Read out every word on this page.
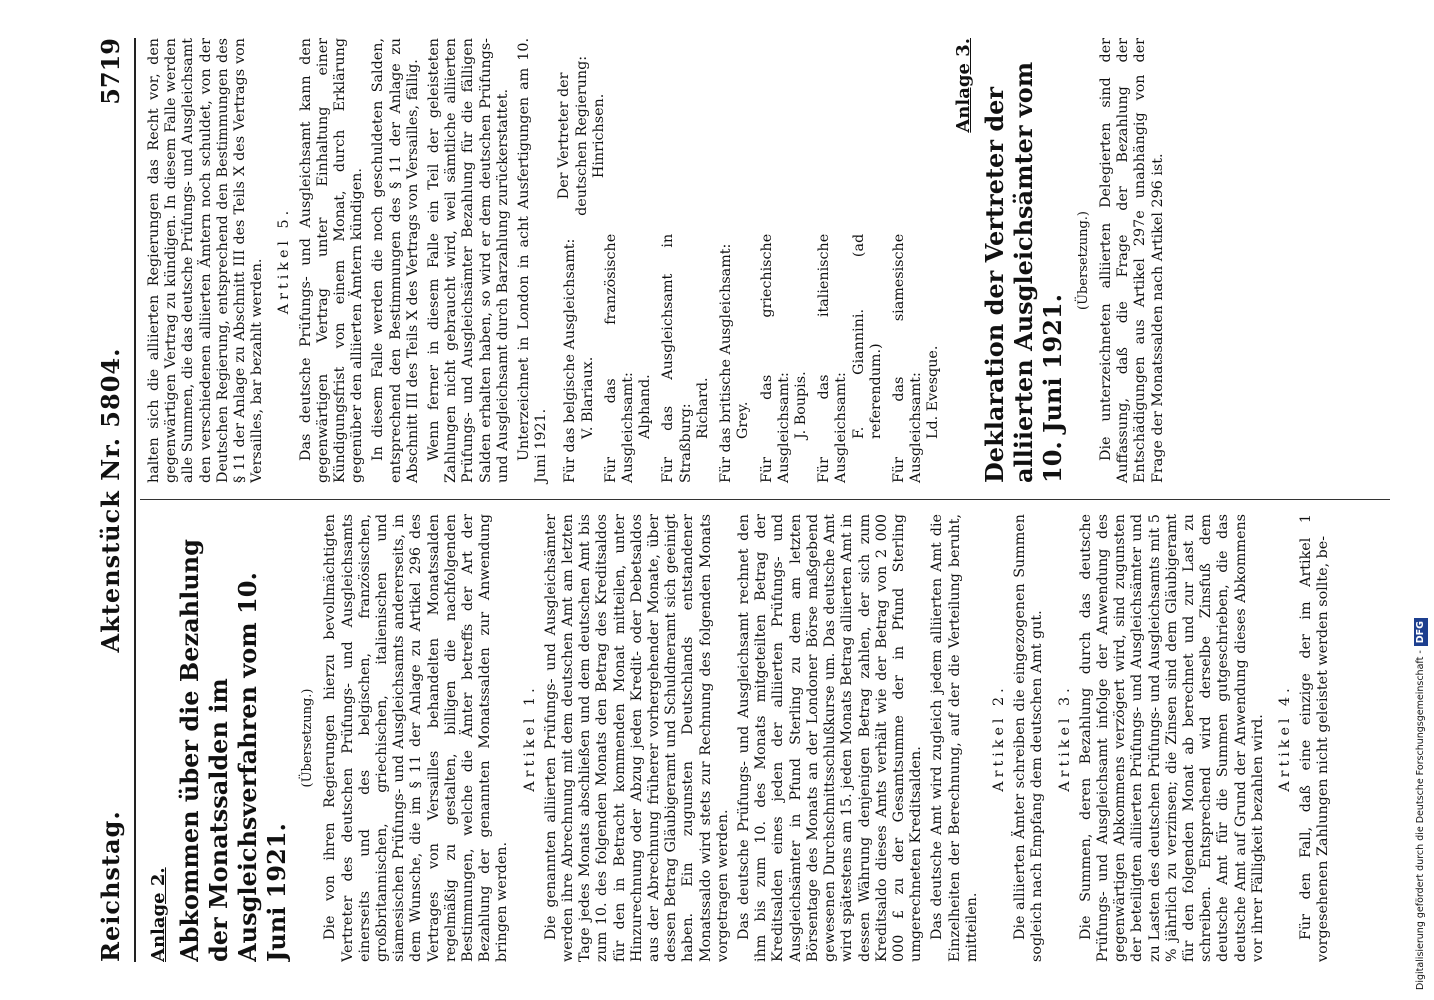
Reichstag.
Aktenstück Nr. 5804.
5719
Anlage 2. Abkommen über die Bezahlung der Monatssalden im Ausgleichsverfahren vom 10. Juni 1921.
(Übersetzung.) Die von ihren Regierungen hierzu bevollmächtigten Vertreter des deutschen Prüfungs- und Ausgleichsamts einerseits und des belgischen, französischen, großbritannischen, griechischen, italienischen und siamesischen Prüfungs- und Ausgleichsamts andererseits, in dem Wunsche, die im § 11 der Anlage zu Artikel 296 des Vertrages von Versailles behandelten Monatssalden regelmäßig zu gestalten, billigen die nachfolgenden Bestimmungen, welche die Ämter betreffs der Art der Bezahlung der genannten Monatssalden zur Anwendung bringen werden.

Artikel 1. Die genannten alliierten Prüfungs- und Ausgleichsämter werden ihre Abrechnung mit dem deutschen Amt am letzten Tage jedes Monats abschließen und dem deutschen Amt bis zum 10. des folgenden Monats den Betrag des Kreditsaldos für den in Betracht kommenden Monat mitteilen, unter Hinzurechnung oder Abzug jeden Kredit- oder Debetsaldos aus der Abrechnung früherer vorhergehender Monate, über dessen Betrag Gläubigeramt und Schuldneramt sich geeinigt haben. Ein zugunsten Deutschlands entstandener Monatssaldo wird stets zur Rechnung des folgenden Monats vorgetragen werden. Das deutsche Prüfungs- und Ausgleichsamt rechnet den ihm bis zum 10. des Monats mitgeteilten Betrag der Kreditsalden eines jeden der alliierten Prüfungs- und Ausgleichsämter in Pfund Sterling zu dem am letzten Börsentage des Monats an der Londoner Börse maßgebend gewesenen Durchschnittsschlußkurse um. Das deutsche Amt wird spätestens am 15. jeden Monats Betrag alliierten Amt in dessen Währung denjenigen Betrag zahlen, der sich zum Kreditsaldo dieses Amts verhält wie der Betrag von 2 000 000 £ zu der Gesamtsumme der in Pfund Sterling umgerechneten Kreditsalden. Das deutsche Amt wird zugleich jedem alliierten Amt die Einzelheiten der Berechnung, auf der die Verteilung beruht, mitteilen.

Artikel 2. Die alliierten Ämter schreiben die eingezogenen Summen sogleich nach Empfang dem deutschen Amt gut. Artikel 3. Die Summen, deren Bezahlung durch das deutsche Prüfungs- und Ausgleichsamt infolge der Anwendung des gegenwärtigen Abkommens verzögert wird, sind zugunsten der beteiligten alliierten Prüfungs- und Ausgleichsämter und zu Lasten des deutschen Prüfungs- und Ausgleichsamts mit 5 % jährlich zu verzinsen; die Zinsen sind dem Gläubigeramt für den folgenden Monat ab berechnet und zur Last zu schreiben. Entsprechend wird derselbe Zinsfuß dem deutsche Amt für die Summen gutgeschrieben, die das deutsche Amt auf Grund der Anwendung dieses Abkommens vor ihrer Fälligkeit bezahlen wird. Artikel 4. Für den Fall, daß eine einzige der im Artikel 1 vorgesehenen Zahlungen nicht geleistet werden sollte, be-

halten sich die alliierten Regierungen das Recht vor, den gegenwärtigen Vertrag zu kündigen. In diesem Falle werden alle Summen, die das deutsche Prüfungs- und Ausgleichsamt den verschiedenen alliierten Ämtern noch schuldet, von der Deutschen Regierung, entsprechend den Bestimmungen des § 11 der Anlage zu Abschnitt III des Teils X des Vertrags von Versailles, bar bezahlt werden. Artikel 5. Das deutsche Prüfungs- und Ausgleichsamt kann den gegenwärtigen Vertrag unter Einhaltung einer Kündigungsfrist von einem Monat, durch Erklärung gegenüber den alliierten Ämtern kündigen. In diesem Falle werden die noch geschuldeten Salden, entsprechend den Bestimmungen des § 11 der Anlage zu Abschnitt III des Teils X des Vertrags von Versailles, fällig. Wenn ferner in diesem Falle ein Teil der geleisteten Zahlungen nicht gebraucht wird, weil sämtliche alliierten Prüfungs- und Ausgleichsämter Bezahlung für die fälligen Salden erhalten haben, so wird er dem deutschen Prüfungs- und Ausgleichsamt durch Barzahlung zurückerstattet. Unterzeichnet in London in acht Ausfertigungen am 10. Juni 1921. Für das belgische Ausgleichsamt: V. Blariaux. Für das französische Ausgleichsamt: Alphand. Für das Ausgleichsamt in Straßburg: Richard. Für das britische Ausgleichsamt: Grey. Für das griechische Ausgleichsamt: J. Boupis. Für das italienische Ausgleichsamt: F. Giannini. (ad referendum.) Für das siamesische Ausgleichsamt: Ld. Evesque.
Der Vertreter der deutschen Regierung: Hinrichsen.
Anlage 3.
Deklaration der Vertreter der alliierten Ausgleichsämter vom 10. Juni 1921.
(Übersetzung.) Die unterzeichneten alliierten Delegierten sind der Auffassung, daß die Frage der Bezahlung der Entschädigungen aus Artikel 297e unabhängig von der Frage der Monatssalden nach Artikel 296 ist.

Digitalisierung gefördert durch die Deutsche Forschungsgemeinschaft -DFG
